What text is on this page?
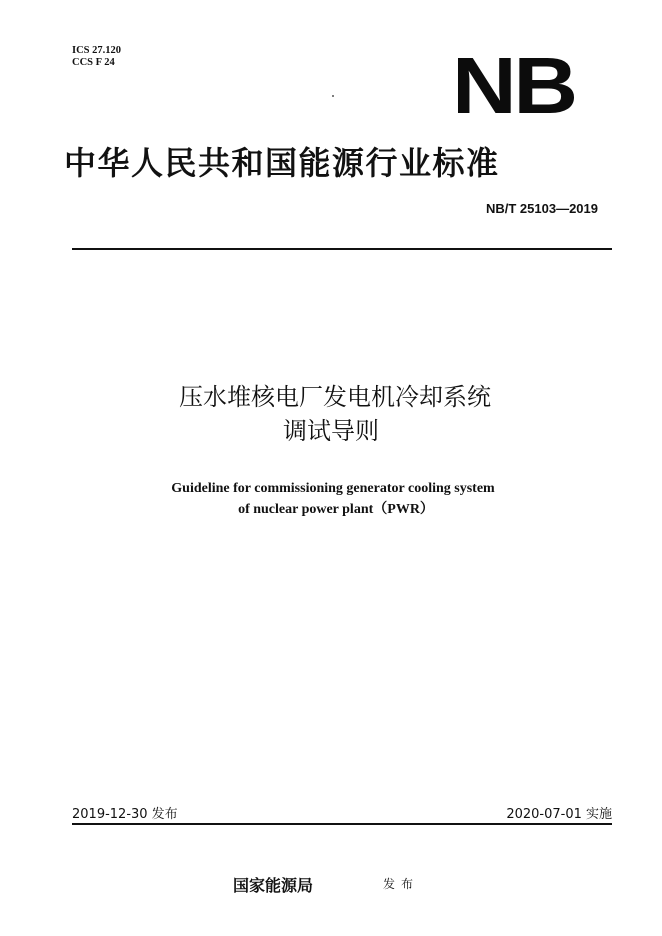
ICS 27.120
CCS F 24	NB
中华人民共和国能源行业标准
NB/T 25103—2019
压水堆核电厂发电机冷却系统
调试导则
Guideline for commissioning generator cooling system
of nuclear power plant（PWR）
2019-12-30 发布	2020-07-01 实施
国家能源局	发布
